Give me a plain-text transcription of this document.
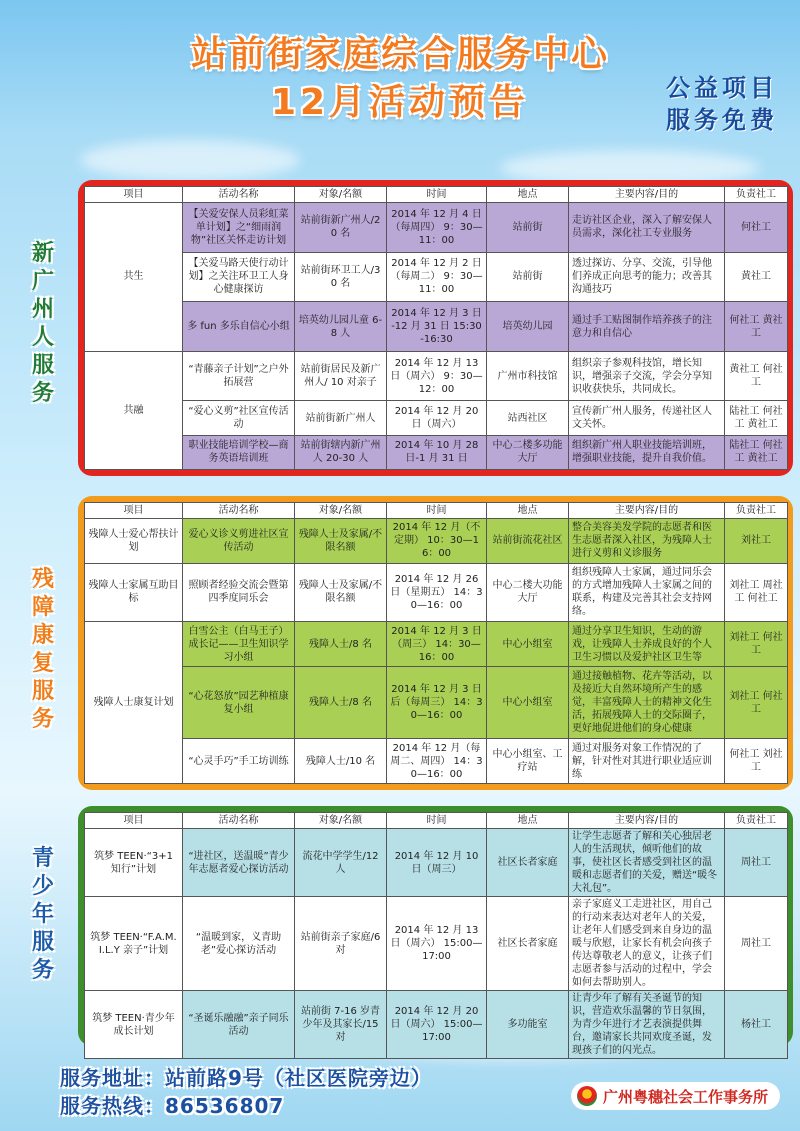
站前街家庭综合服务中心
12月活动预告	公益项目
服务免费
新
广
州
人
服
务
项目	活动名称	对象/名额	时间	地点	主要内容/目的	负责社工
共生	【关爱安保人员彩虹菜单计划】之“细雨润物”社区关怀走访计划	站前街新广州人/20 名	2014 年 12 月 4 日（每周四） 9：30—11：00	站前街	走访社区企业，深入了解安保人员需求，深化社工专业服务	何社工
	【关爱马路天使行动计划】之关注环卫工人身心健康探访	站前街环卫工人/30 名	2014 年 12 月 2 日（每周二） 9：30—11：00	站前街	透过探访、分享、交流，引导他们养成正向思考的能力；改善其沟通技巧	黄社工
	多 fun 多乐自信心小组	培英幼儿园儿童 6-8 人	2014 年 12 月 3 日 -12 月 31 日 15:30-16:30	培英幼儿园	通过手工贴图制作培养孩子的注意力和自信心	何社工 黄社工
共融	“青藤亲子计划”之户外拓展营	站前街居民及新广州人/ 10 对亲子	2014 年 12 月 13 日（周六） 9：30—12：00	广州市科技馆	组织亲子参观科技馆，增长知识，增强亲子交流，学会分享知识收获快乐，共同成长。	黄社工 何社工
	“爱心义剪”社区宣传活动	站前街新广州人	2014 年 12 月 20 日（周六）	站西社区	宣传新广州人服务，传递社区人文关怀。	陆社工 何社工 黄社工
	职业技能培训学校—商务英语培训班	站前街辖内新广州人 20-30 人	2014 年 10 月 28 日-1 月 31 日	中心二楼多功能大厅	组织新广州人职业技能培训班，增强职业技能，提升自我价值。	陆社工 何社工 黄社工
残
障
康
复
服
务
项目	活动名称	对象/名额	时间	地点	主要内容/目的	负责社工
残障人士爱心帮扶计划	爱心义诊义剪进社区宣传活动	残障人士及家属/不限名额	2014 年 12 月（不定期） 10：30—16：00	站前街流花社区	整合美容美发学院的志愿者和医生志愿者深入社区，为残障人士进行义剪和义诊服务	刘社工
残障人士家属互助目标	照顾者经验交流会暨第四季度同乐会	残障人士及家属/不限名额	2014 年 12 月 26 日（星期五） 14：30—16：00	中心二楼大功能大厅	组织残障人士家属，通过同乐会的方式增加残障人士家属之间的联系，构建及完善其社会支持网络。	刘社工 周社工 何社工
残障人士康复计划	白雪公主（白马王子）成长记——卫生知识学习小组	残障人士/8 名	2014 年 12 月 3 日（周三） 14：30—16：00	中心小组室	通过分享卫生知识，生动的游戏，让残障人士养成良好的个人卫生习惯以及爱护社区卫生等	刘社工 何社工
	“心花怒放”园艺种植康复小组	残障人士/8 名	2014 年 12 月 3 日后（每周三） 14：30—16：00	中心小组室	通过接触植物、花卉等活动，以及接近大自然环境所产生的感觉，丰富残障人士的精神文化生活，拓展残障人士的交际圈子，更好地促进他们的身心健康	刘社工 何社工
	“心灵手巧”手工坊训练	残障人士/10 名	2014 年 12 月（每周二、周四） 14：30—16：00	中心小组室、工疗站	通过对服务对象工作情况的了解，针对性对其进行职业适应训练	何社工 刘社工
青
少
年
服
务
项目	活动名称	对象/名额	时间	地点	主要内容/目的	负责社工
筑梦 TEEN·“3+1 知行”计划	“进社区，送温暖”青少年志愿者爱心探访活动	流花中学学生/12 人	2014 年 12 月 10 日（周三）	社区长者家庭	让学生志愿者了解和关心独居老人的生活现状，倾听他们的故事，使社区长者感受到社区的温暖和志愿者们的关爱，赠送“暖冬大礼包”。	周社工
筑梦 TEEN·“F.A.M.I.L.Y 亲子”计划	“温暖到家，义青助老”爱心探访活动	站前街亲子家庭/6 对	2014 年 12 月 13 日（周六） 15:00—17:00	社区长者家庭	亲子家庭义工走进社区，用自己的行动来表达对老年人的关爱，让老年人们感受到来自身边的温暖与欣慰，让家长有机会向孩子传达尊敬老人的意义，让孩子们志愿者参与活动的过程中，学会如何去帮助别人。	周社工
筑梦 TEEN·青少年成长计划	“圣诞乐融融”亲子同乐活动	站前街 7-16 岁青少年及其家长/15 对	2014 年 12 月 20 日（周六） 15:00—17:00	多功能室	让青少年了解有关圣诞节的知识，营造欢乐温馨的节日氛围，为青少年进行才艺表演提供舞台，邀请家长共同欢度圣诞，发现孩子们的闪光点。	杨社工
服务地址：站前路9号（社区医院旁边）
服务热线：86536807	广州粤穗社会工作事务所
